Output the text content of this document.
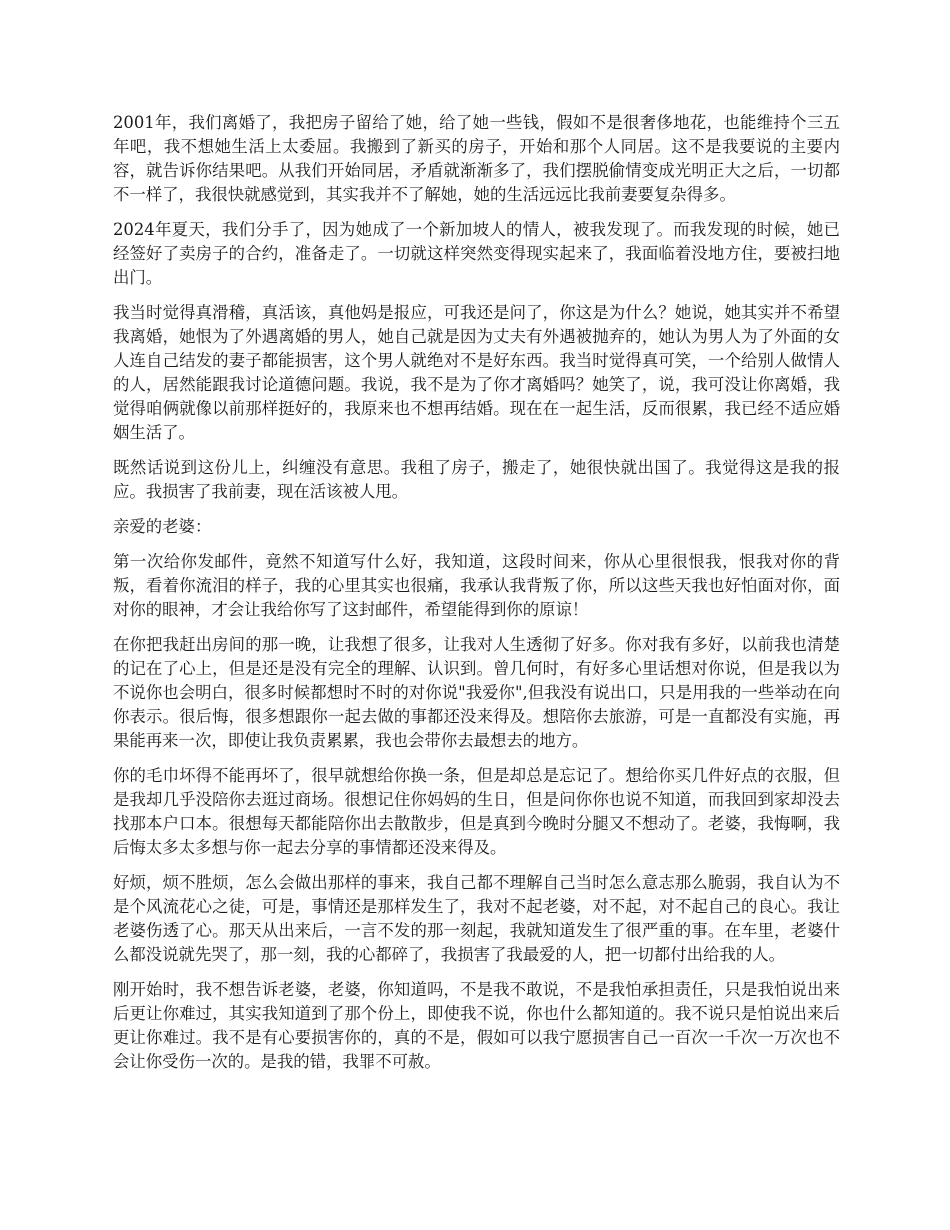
2001年，我们离婚了，我把房子留给了她，给了她一些钱，假如不是很奢侈地花，也能维持个三五年吧，我不想她生活上太委屈。我搬到了新买的房子，开始和那个人同居。这不是我要说的主要内容，就告诉你结果吧。从我们开始同居，矛盾就渐渐多了，我们摆脱偷情变成光明正大之后，一切都不一样了，我很快就感觉到，其实我并不了解她，她的生活远远比我前妻要复杂得多。

2024年夏天，我们分手了，因为她成了一个新加坡人的情人，被我发现了。而我发现的时候，她已经签好了卖房子的合约，准备走了。一切就这样突然变得现实起来了，我面临着没地方住，要被扫地出门。

我当时觉得真滑稽，真活该，真他妈是报应，可我还是问了，你这是为什么？她说，她其实并不希望我离婚，她恨为了外遇离婚的男人，她自己就是因为丈夫有外遇被抛弃的，她认为男人为了外面的女人连自己结发的妻子都能损害，这个男人就绝对不是好东西。我当时觉得真可笑，一个给别人做情人的人，居然能跟我讨论道德问题。我说，我不是为了你才离婚吗？她笑了，说，我可没让你离婚，我觉得咱俩就像以前那样挺好的，我原来也不想再结婚。现在在一起生活，反而很累，我已经不适应婚姻生活了。

既然话说到这份儿上，纠缠没有意思。我租了房子，搬走了，她很快就出国了。我觉得这是我的报应。我损害了我前妻，现在活该被人甩。

亲爱的老婆：

第一次给你发邮件，竟然不知道写什么好，我知道，这段时间来，你从心里很恨我，恨我对你的背叛，看着你流泪的样子，我的心里其实也很痛，我承认我背叛了你，所以这些天我也好怕面对你，面对你的眼神，才会让我给你写了这封邮件，希望能得到你的原谅！

在你把我赶出房间的那一晚，让我想了很多，让我对人生透彻了好多。你对我有多好，以前我也清楚的记在了心上，但是还是没有完全的理解、认识到。曾几何时，有好多心里话想对你说，但是我以为不说你也会明白，很多时候都想时不时的对你说"我爱你",但我没有说出口，只是用我的一些举动在向你表示。很后悔，很多想跟你一起去做的事都还没来得及。想陪你去旅游，可是一直都没有实施，再果能再来一次，即使让我负责累累，我也会带你去最想去的地方。

你的毛巾坏得不能再坏了，很早就想给你换一条，但是却总是忘记了。想给你买几件好点的衣服，但是我却几乎没陪你去逛过商场。很想记住你妈妈的生日，但是问你你也说不知道，而我回到家却没去找那本户口本。很想每天都能陪你出去散散步，但是真到今晚时分腿又不想动了。老婆，我悔啊，我后悔太多太多想与你一起去分享的事情都还没来得及。

好烦，烦不胜烦，怎么会做出那样的事来，我自己都不理解自己当时怎么意志那么脆弱，我自认为不是个风流花心之徒，可是，事情还是那样发生了，我对不起老婆，对不起，对不起自己的良心。我让老婆伤透了心。那天从出来后，一言不发的那一刻起，我就知道发生了很严重的事。在车里，老婆什么都没说就先哭了，那一刻，我的心都碎了，我损害了我最爱的人，把一切都付出给我的人。

刚开始时，我不想告诉老婆，老婆，你知道吗，不是我不敢说，不是我怕承担责任，只是我怕说出来后更让你难过，其实我知道到了那个份上，即使我不说，你也什么都知道的。我不说只是怕说出来后更让你难过。我不是有心要损害你的，真的不是，假如可以我宁愿损害自己一百次一千次一万次也不会让你受伤一次的。是我的错，我罪不可赦。
